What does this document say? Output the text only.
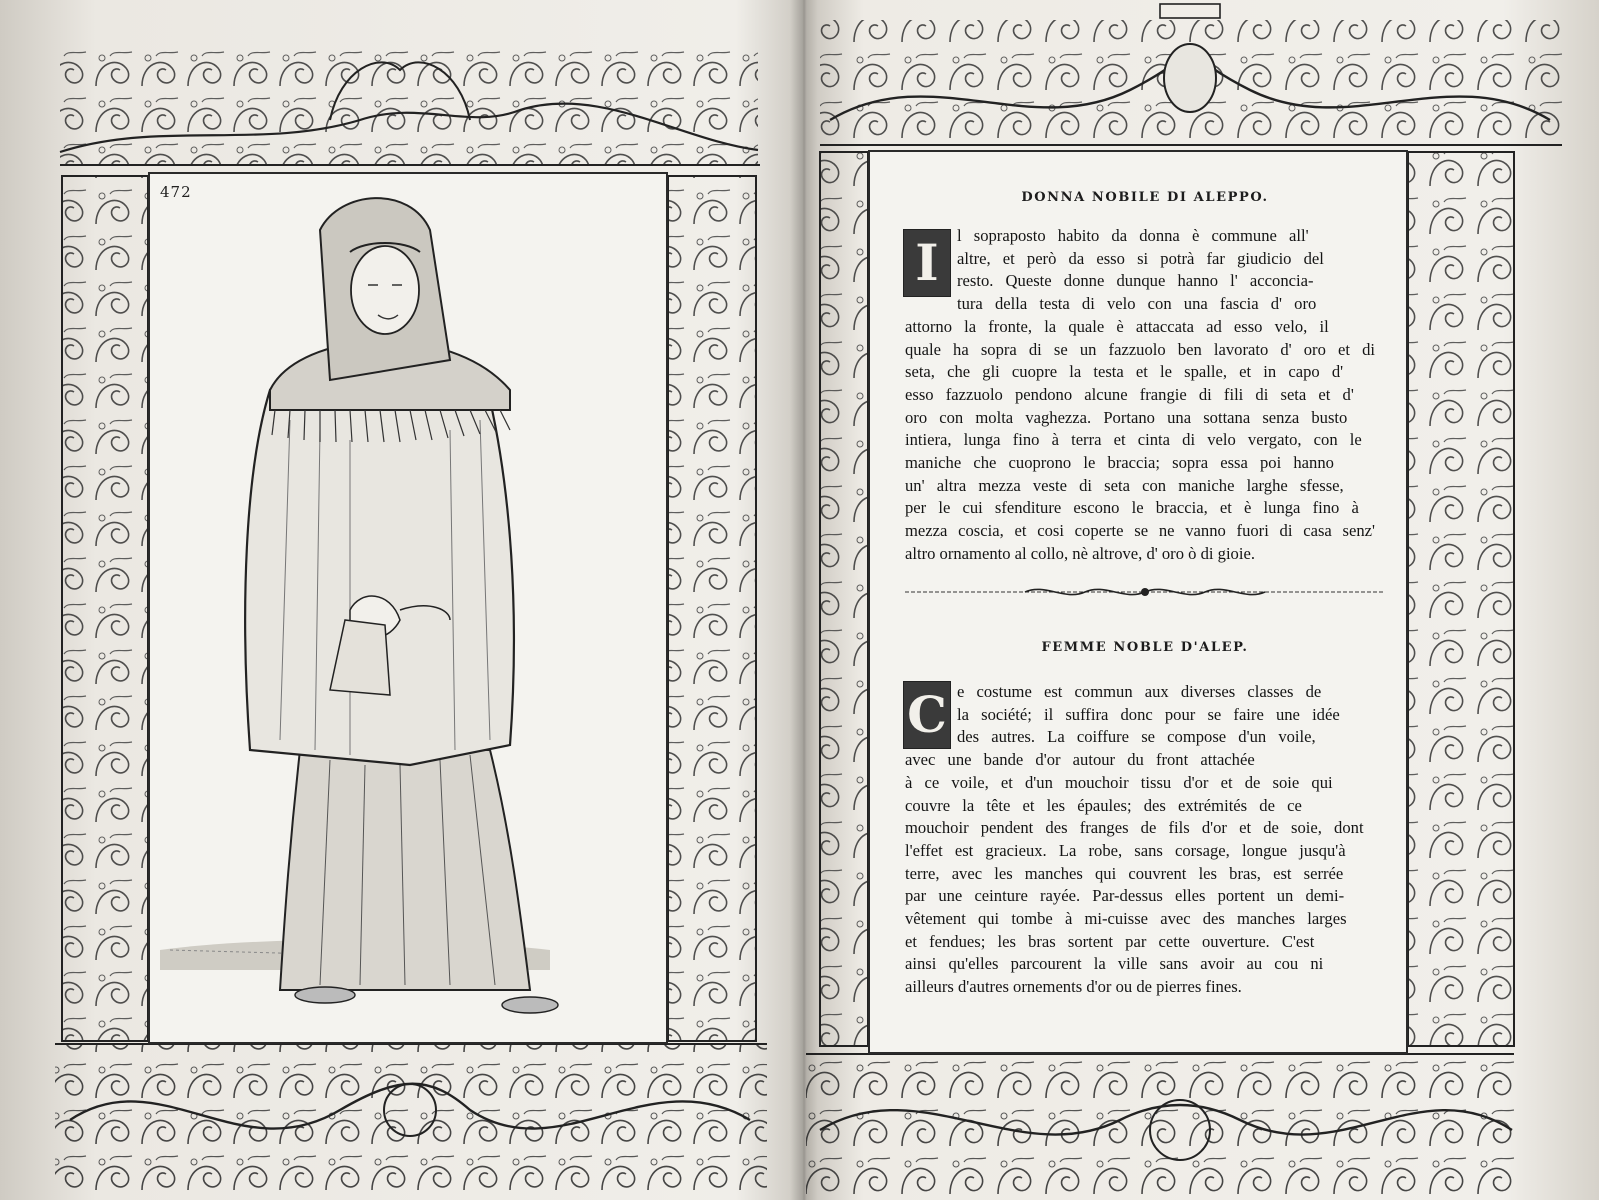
472	DONNA NOBILE DI ALEPPO.
I	l sopraposto habito da donna è commune all'
altre, et però da esso si potrà far giudicio del
resto. Queste donne dunque hanno l' acconcia-
tura della testa di velo con una fascia d' oro
attorno la fronte, la quale è attaccata ad esso velo, il
quale ha sopra di se un fazzuolo ben lavorato d' oro et di
seta, che gli cuopre la testa et le spalle, et in capo d'
esso fazzuolo pendono alcune frangie di fili di seta et d'
oro con molta vaghezza. Portano una sottana senza busto
intiera, lunga fino à terra et cinta di velo vergato, con le
maniche che cuoprono le braccia; sopra essa poi hanno
un' altra mezza veste di seta con maniche larghe sfesse,
per le cui sfenditure escono le braccia, et è lunga fino à
mezza coscia, et cosi coperte se ne vanno fuori di casa senz'
altro ornamento al collo, nè altrove, d' oro ò di gioie.
FEMME NOBLE D'ALEP.
C e costume est commun aux diverses classes de
la société; il suffira donc pour se faire une idée
des autres. La coiffure se compose d'un voile,
avec une bande d'or autour du front attachée
à ce voile, et d'un mouchoir tissu d'or et de soie qui
couvre la tête et les épaules; des extrémités de ce
mouchoir pendent des franges de fils d'or et de soie, dont
l'effet est gracieux. La robe, sans corsage, longue jusqu'à
terre, avec les manches qui couvrent les bras, est serrée
par une ceinture rayée. Par-dessus elles portent un demi-
vêtement qui tombe à mi-cuisse avec des manches larges
et fendues; les bras sortent par cette ouverture. C'est
ainsi qu'elles parcourent la ville sans avoir au cou ni
ailleurs d'autres ornements d'or ou de pierres fines.
